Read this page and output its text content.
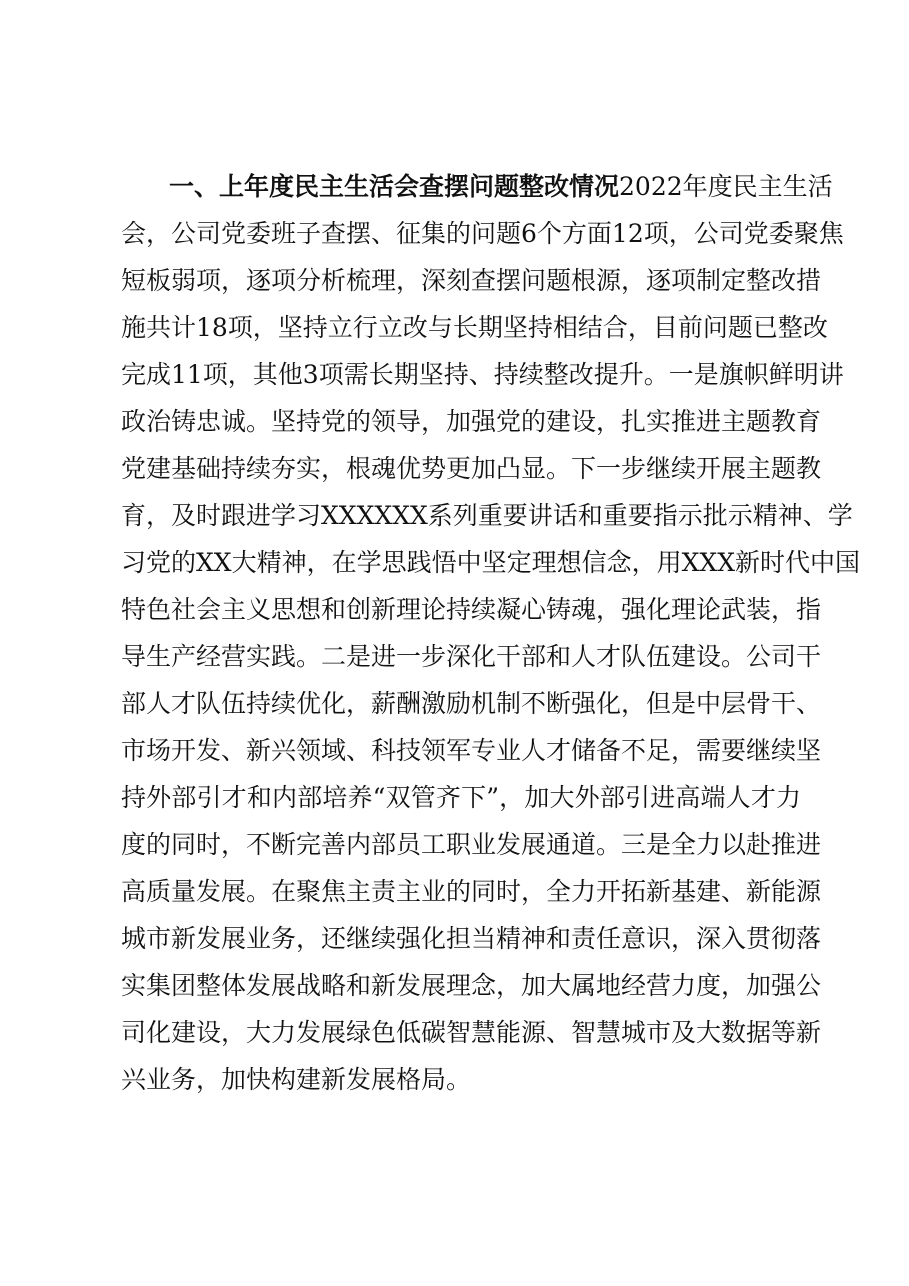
一、上年度民主生活会查摆问题整改情况2022年度民主生活
会，公司党委班子查摆、征集的问题6个方面12项，公司党委聚焦
短板弱项，逐项分析梳理，深刻查摆问题根源，逐项制定整改措
施共计18项，坚持立行立改与长期坚持相结合，目前问题已整改
完成11项，其他3项需长期坚持、持续整改提升。一是旗帜鲜明讲
政治铸忠诚。坚持党的领导，加强党的建设，扎实推进主题教育
党建基础持续夯实，根魂优势更加凸显。下一步继续开展主题教
育，及时跟进学习XXXXXX系列重要讲话和重要指示批示精神、学
习党的XX大精神，在学思践悟中坚定理想信念，用XXX新时代中国
特色社会主义思想和创新理论持续凝心铸魂，强化理论武装，指
导生产经营实践。二是进一步深化干部和人才队伍建设。公司干
部人才队伍持续优化，薪酬激励机制不断强化，但是中层骨干、
市场开发、新兴领域、科技领军专业人才储备不足，需要继续坚
持外部引才和内部培养“双管齐下”，加大外部引进高端人才力
度的同时，不断完善内部员工职业发展通道。三是全力以赴推进
高质量发展。在聚焦主责主业的同时，全力开拓新基建、新能源
城市新发展业务，还继续强化担当精神和责任意识，深入贯彻落
实集团整体发展战略和新发展理念，加大属地经营力度，加强公
司化建设，大力发展绿色低碳智慧能源、智慧城市及大数据等新
兴业务，加快构建新发展格局。
